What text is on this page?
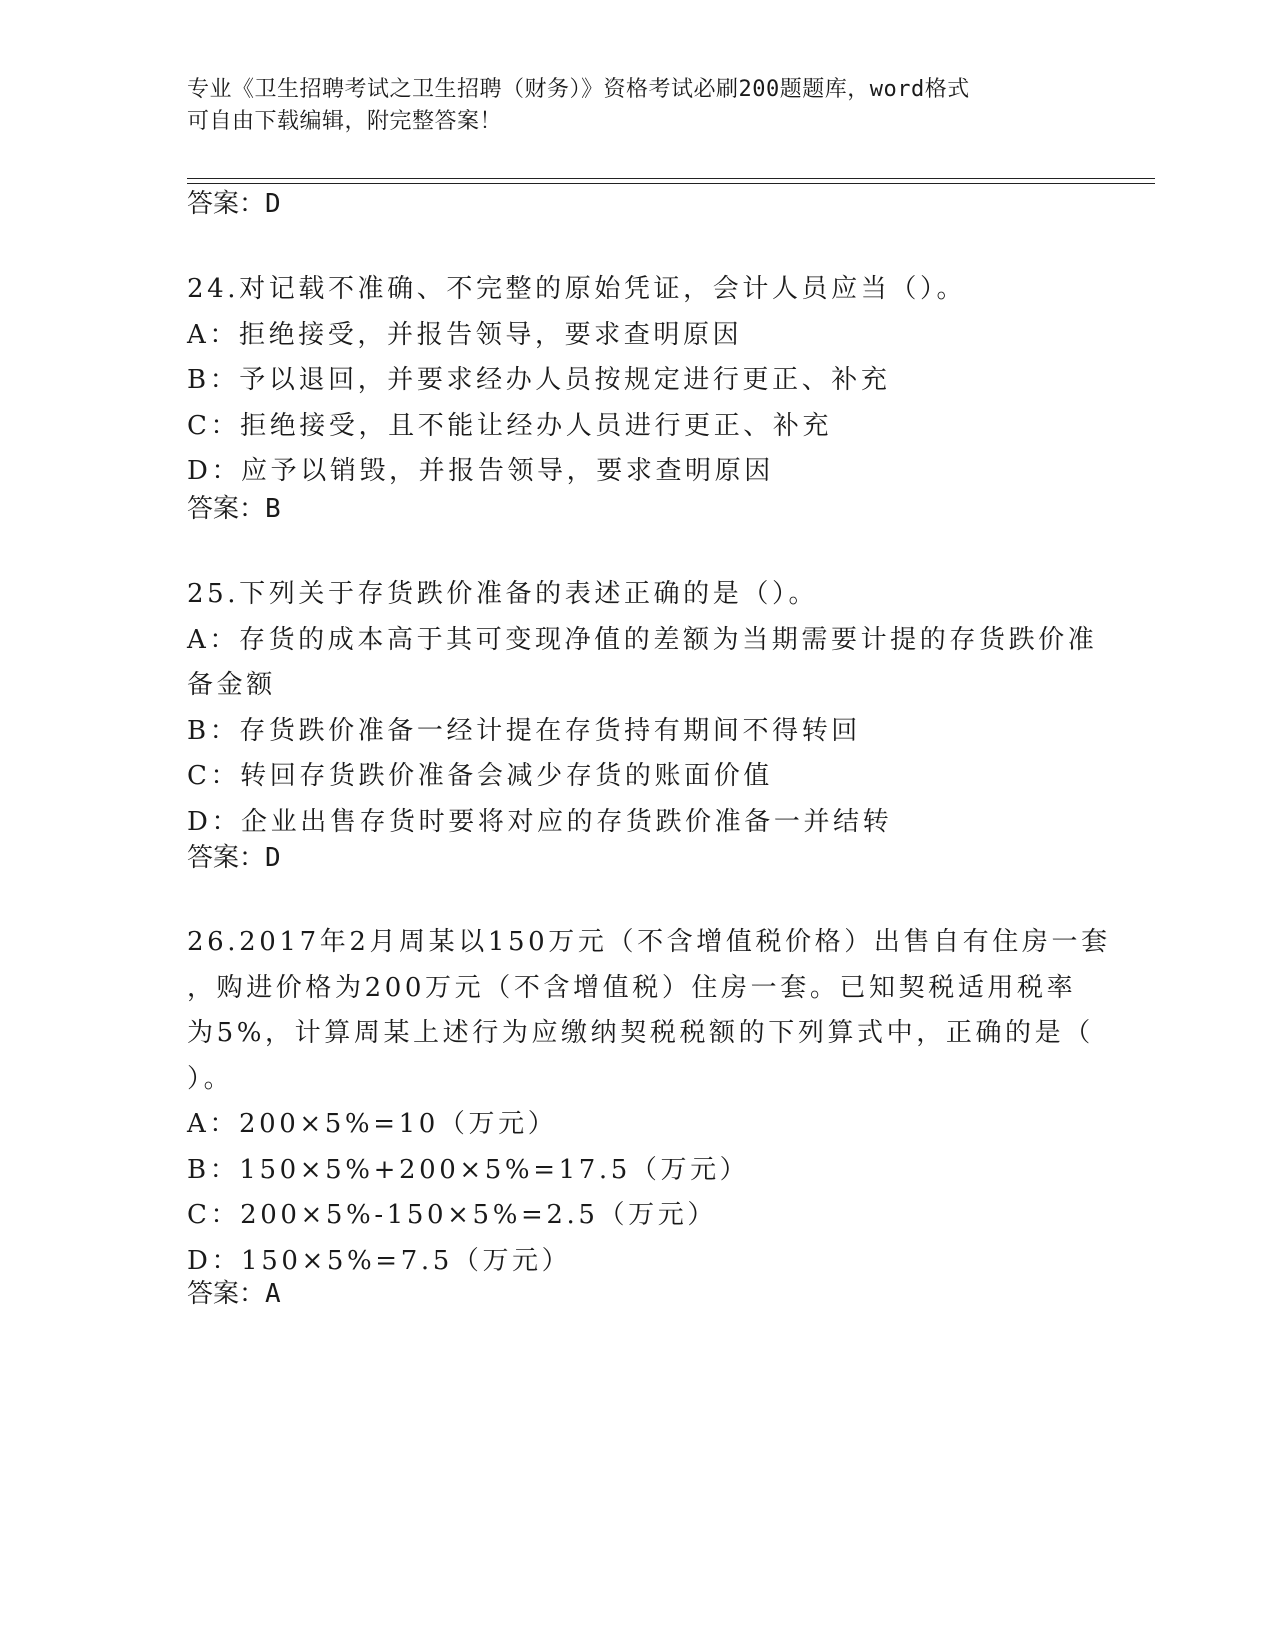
专业《卫生招聘考试之卫生招聘（财务）》资格考试必刷200题题库，word格式
可自由下载编辑，附完整答案！
答案：D
24.对记载不准确、不完整的原始凭证，会计人员应当（）。
A：拒绝接受，并报告领导，要求查明原因
B：予以退回，并要求经办人员按规定进行更正、补充
C：拒绝接受，且不能让经办人员进行更正、补充
D：应予以销毁，并报告领导，要求查明原因
答案：B
25.下列关于存货跌价准备的表述正确的是（）。
A：存货的成本高于其可变现净值的差额为当期需要计提的存货跌价准
备金额
B：存货跌价准备一经计提在存货持有期间不得转回
C：转回存货跌价准备会减少存货的账面价值
D：企业出售存货时要将对应的存货跌价准备一并结转
答案：D
26.2017年2月周某以150万元（不含增值税价格）出售自有住房一套
，购进价格为200万元（不含增值税）住房一套。已知契税适用税率
为5%，计算周某上述行为应缴纳契税税额的下列算式中，正确的是（
）。
A：200×5%=10（万元）
B：150×5%+200×5%=17.5（万元）
C：200×5%-150×5%=2.5（万元）
D：150×5%=7.5（万元）
答案：A
